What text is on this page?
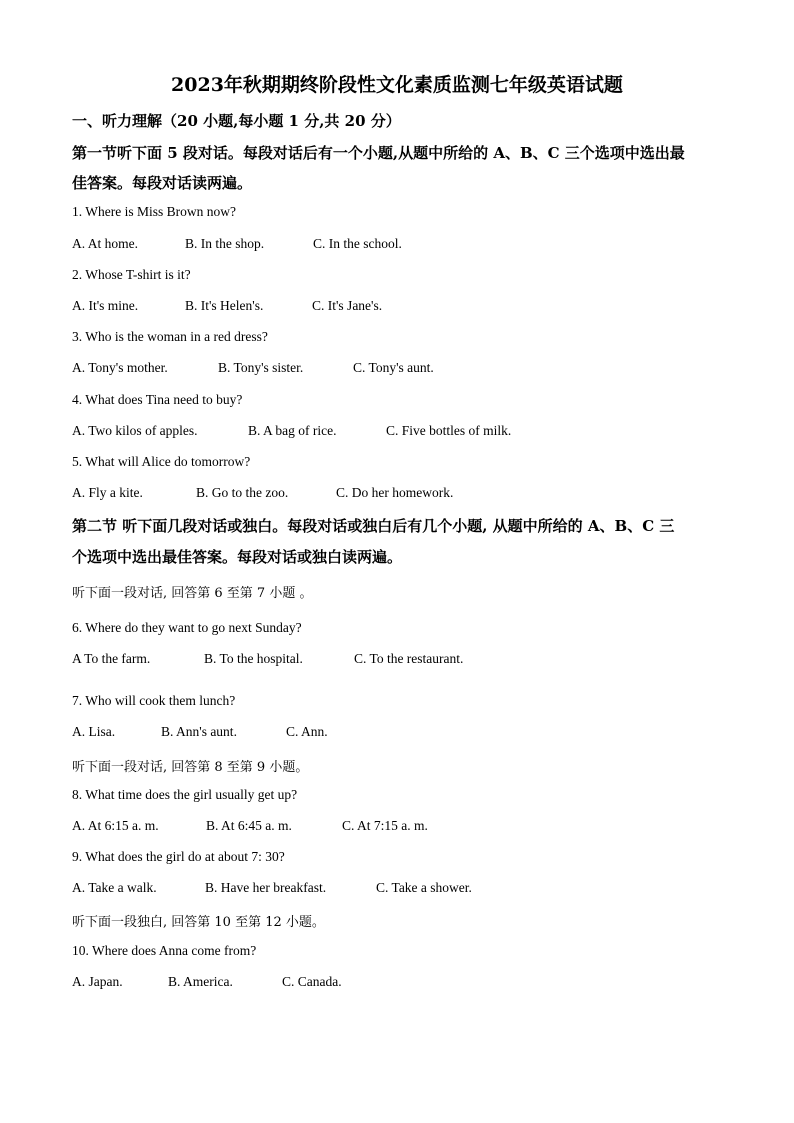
2023年秋期期终阶段性文化素质监测七年级英语试题
一、听力理解（20 小题,每小题 1 分,共 20 分）
第一节听下面 5 段对话。每段对话后有一个小题,从题中所给的 A、B、C 三个选项中选出最
佳答案。每段对话读两遍。
1. Where is Miss Brown now?
A. At home.	B. In the shop.	C. In the school.
2. Whose T-shirt is it?
A. It's mine.	B. It's Helen's.	C. It's Jane's.
3. Who is the woman in a red dress?
A. Tony's mother.	B. Tony's sister.	C. Tony's aunt.
4. What does Tina need to buy?
A. Two kilos of apples.	B. A bag of rice.	C. Five bottles of milk.
5. What will Alice do tomorrow?
A. Fly a kite.	B. Go to the zoo.	C. Do her homework.
第二节 听下面几段对话或独白。每段对话或独白后有几个小题, 从题中所给的 A、B、C 三
个选项中选出最佳答案。每段对话或独白读两遍。
听下面一段对话, 回答第 6 至第 7 小题 。
6. Where do they want to go next Sunday?
A To the farm.	B. To the hospital.	C. To the restaurant.
7. Who will cook them lunch?
A. Lisa.	B. Ann's aunt.	C. Ann.
听下面一段对话, 回答第 8 至第 9 小题。
8. What time does the girl usually get up?
A. At 6:15 a. m.	B. At 6:45 a. m.	C. At 7:15 a. m.
9. What does the girl do at about 7: 30?
A. Take a walk.	B. Have her breakfast.	C. Take a shower.
听下面一段独白, 回答第 10 至第 12 小题。
10. Where does Anna come from?
A. Japan.	B. America.	C. Canada.
